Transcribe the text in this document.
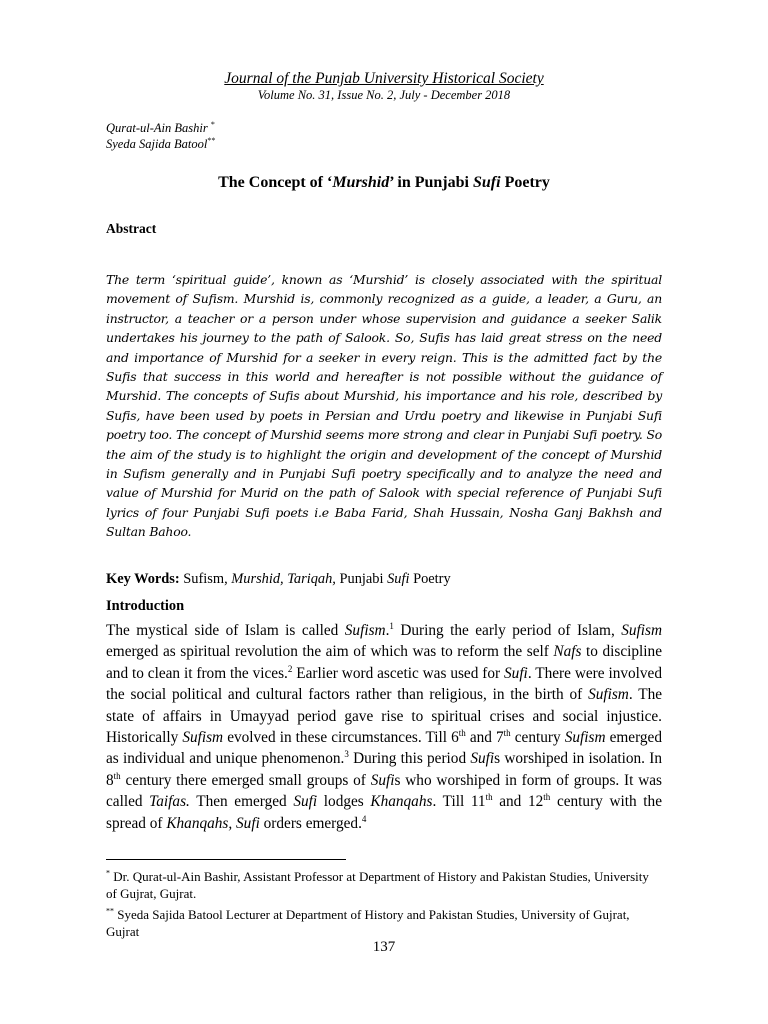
Journal of the Punjab University Historical Society
Volume No. 31, Issue No. 2, July - December 2018
Qurat-ul-Ain Bashir *
Syeda Sajida Batool**
The Concept of ‘Murshid’ in Punjabi Sufi Poetry
Abstract
The term ‘spiritual guide’, known as ‘Murshid’ is closely associated with the spiritual movement of Sufism. Murshid is, commonly recognized as a guide, a leader, a Guru, an instructor, a teacher or a person under whose supervision and guidance a seeker Salik undertakes his journey to the path of Salook. So, Sufis has laid great stress on the need and importance of Murshid for a seeker in every reign. This is the admitted fact by the Sufis that success in this world and hereafter is not possible without the guidance of Murshid. The concepts of Sufis about Murshid, his importance and his role, described by Sufis, have been used by poets in Persian and Urdu poetry and likewise in Punjabi Sufi poetry too. The concept of Murshid seems more strong and clear in Punjabi Sufi poetry. So the aim of the study is to highlight the origin and development of the concept of Murshid in Sufism generally and in Punjabi Sufi poetry specifically and to analyze the need and value of Murshid for Murid on the path of Salook with special reference of Punjabi Sufi lyrics of four Punjabi Sufi poets i.e Baba Farid, Shah Hussain, Nosha Ganj Bakhsh and Sultan Bahoo.
Key Words: Sufism, Murshid, Tariqah, Punjabi Sufi Poetry
Introduction
The mystical side of Islam is called Sufism.$^1$ During the early period of Islam, Sufism emerged as spiritual revolution the aim of which was to reform the self Nafs to discipline and to clean it from the vices.$^2$ Earlier word ascetic was used for Sufi. There were involved the social political and cultural factors rather than religious, in the birth of Sufism. The state of affairs in Umayyad period gave rise to spiritual crises and social injustice. Historically Sufism evolved in these circumstances. Till 6th and 7th century Sufism emerged as individual and unique phenomenon.$^3$ During this period Sufis worshiped in isolation. In 8th century there emerged small groups of Sufis who worshiped in form of groups. It was called Taifas. Then emerged Sufi lodges Khanqahs. Till 11th and 12th century with the spread of Khanqahs, Sufi orders emerged.$^4$
* Dr. Qurat-ul-Ain Bashir, Assistant Professor at Department of History and Pakistan Studies, University of Gujrat, Gujrat.
** Syeda Sajida Batool Lecturer at Department of History and Pakistan Studies, University of Gujrat, Gujrat
137
